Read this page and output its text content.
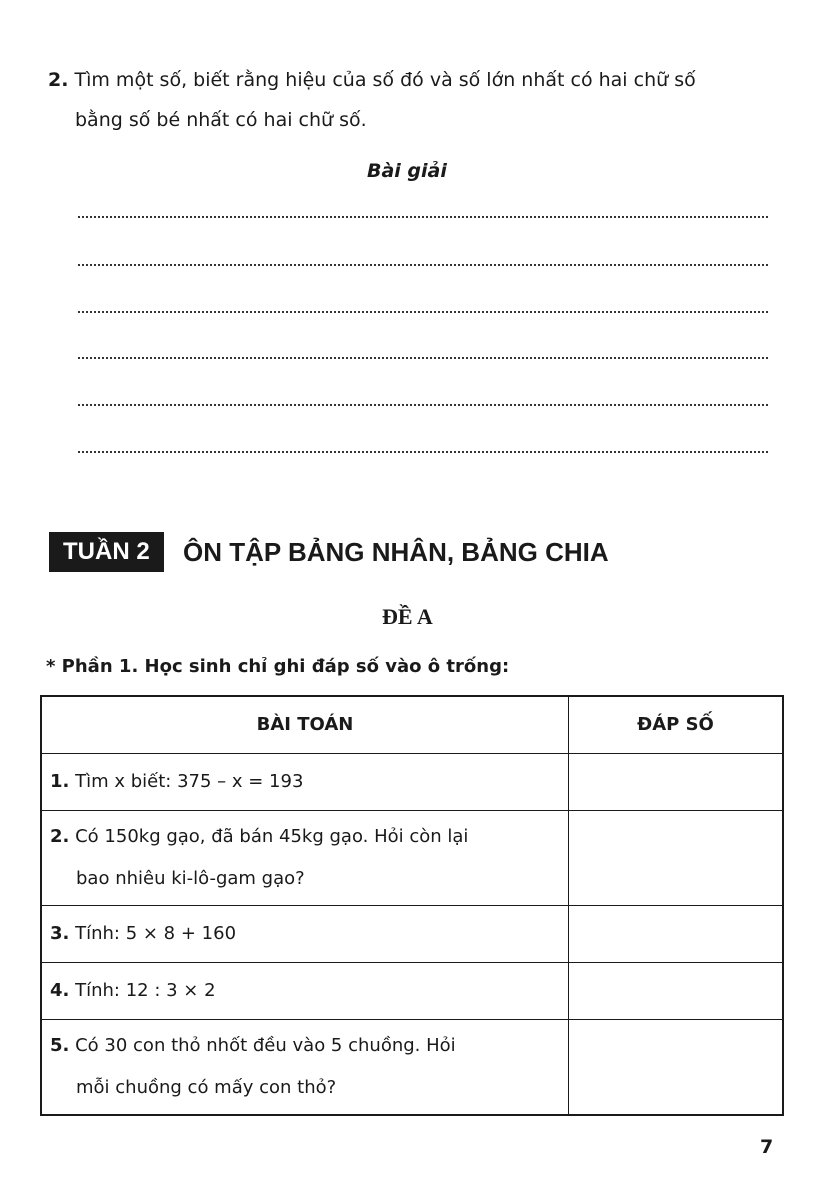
2. Tìm một số, biết rằng hiệu của số đó và số lớn nhất có hai chữ số
bằng số bé nhất có hai chữ số.
Bài giải
TUẦN 2	ÔN TẬP BẢNG NHÂN, BẢNG CHIA
ĐỀ A
* Phần 1. Học sinh chỉ ghi đáp số vào ô trống:
BÀI TOÁN	ĐÁP SỐ
1. Tìm x biết: 375 – x = 193	

2. Có 150kg gạo, đã bán 45kg gạo. Hỏi còn lại
bao nhiêu ki-lô-gam gạo?	

3. Tính: 5 × 8 + 160	
4. Tính: 12 : 3 × 2	

5. Có 30 con thỏ nhốt đều vào 5 chuồng. Hỏi
mỗi chuồng có mấy con thỏ?	

7
